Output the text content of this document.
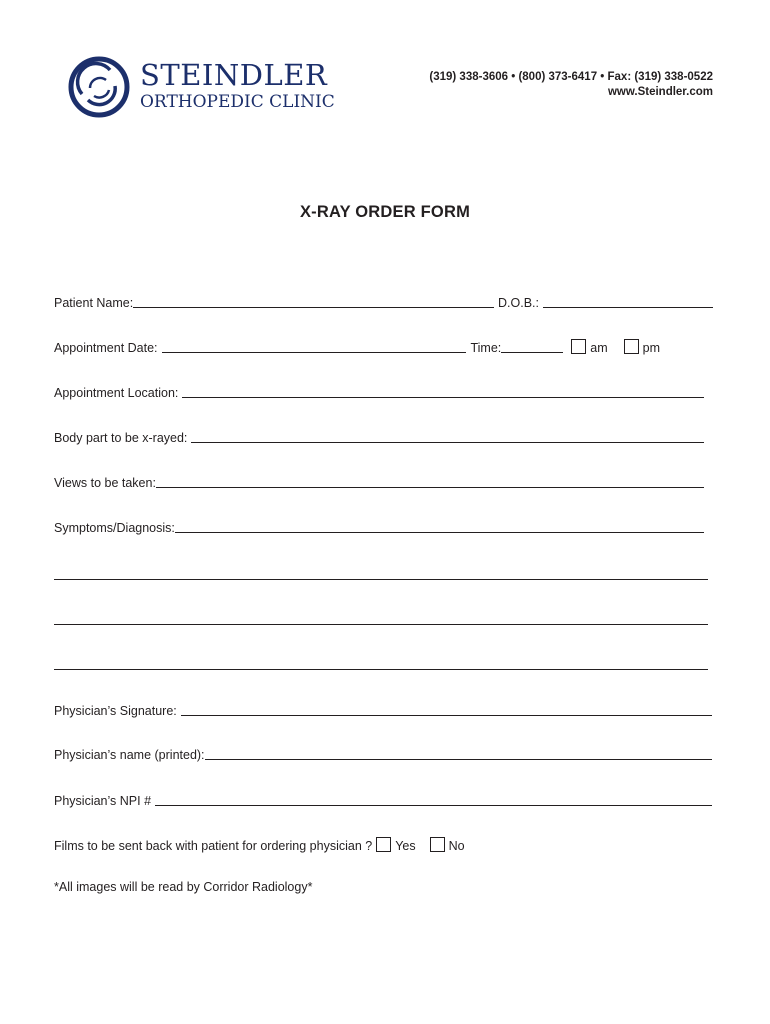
STEINDLER
ORTHOPEDIC CLINIC
(319) 338-3606 • (800) 373-6417 • Fax: (319) 338-0522
www.Steindler.com
X-RAY ORDER FORM
Patient Name:	D.O.B.:
Appointment Date:	Time:	am	pm
Appointment Location:
Body part to be x-rayed:
Views to be taken:
Symptoms/Diagnosis:
Physician’s Signature:
Physician’s name (printed):
Physician’s NPI #
Films to be sent back with patient for ordering physician ? Yes	No
*All images will be read by Corridor Radiology*
